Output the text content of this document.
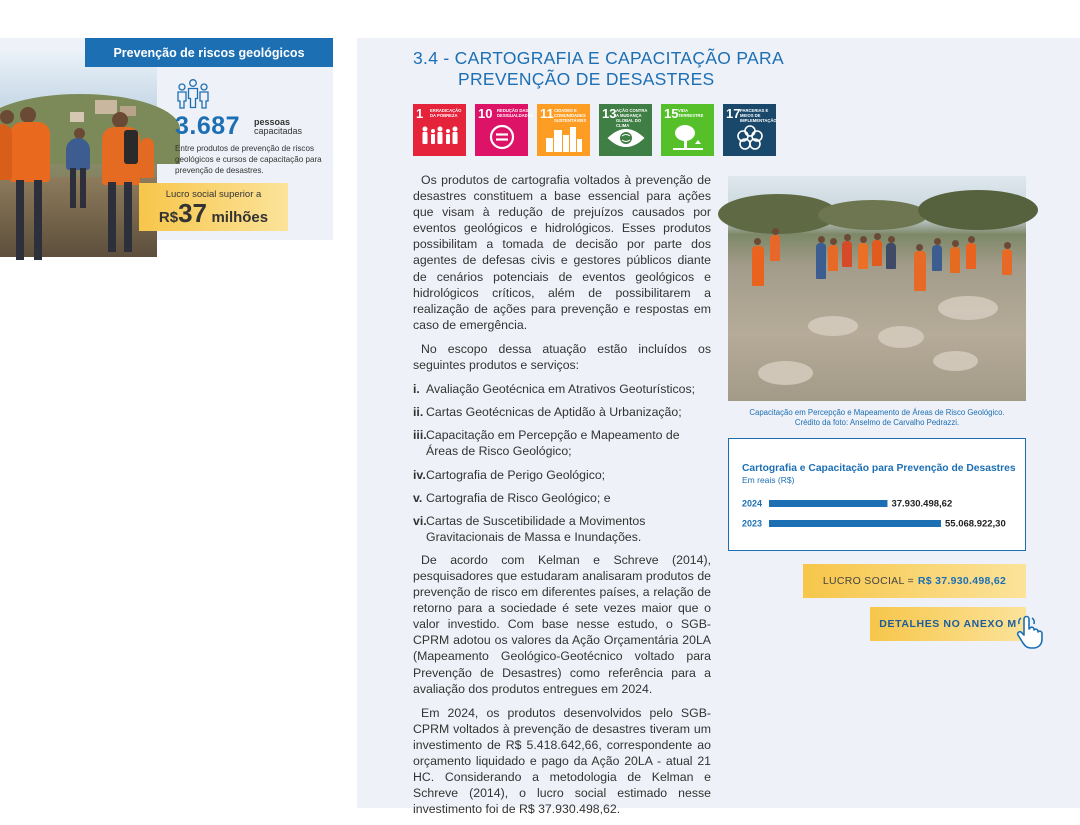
Prevenção de riscos geológicos
3.687 pessoas
capacitadas
Entre produtos de prevenção de riscos geológicos e cursos de capacitação para prevenção de desastres.
Lucro social superior a
R$37 milhões
3.4 - CARTOGRAFIA E CAPACITAÇÃO PARA
PREVENÇÃO DE DESASTRES
1 ERRADICAÇÃO DA POBREZA	10 REDUÇÃO DAS DESIGUALDADES 11 CIDADES E COMUNIDADES SUSTENTÁVEIS 13 AÇÃO CONTRA A MUDANÇA GLOBAL DO CLIMA
15 VIDA TERRESTRE	17 PARCERIAS E MEIOS DE IMPLEMENTAÇÃO

Os produtos de cartografia voltados à prevenção de desastres constituem a base essencial para ações que visam à redução de prejuízos causados por eventos geológicos e hidrológicos. Esses produtos possibilitam a tomada de decisão por parte dos agentes de defesas civis e gestores públicos diante de cenários potenciais de eventos geológicos e hidrológicos críticos, além de possibilitarem a realização de ações para prevenção e respostas em caso de emergência.

No escopo dessa atuação estão incluídos os seguintes produtos e serviços:

i. Avaliação Geotécnica em Atrativos Geoturísticos;
ii. Cartas Geotécnicas de Aptidão à Urbanização;
iii. Capacitação em Percepção e Mapeamento de Áreas de Risco Geológico;
iv. Cartografia de Perigo Geológico;
v. Cartografia de Risco Geológico; e
vi. Cartas de Suscetibilidade a Movimentos Gravitacionais de Massa e Inundações.

De acordo com Kelman e Schreve (2014), pesquisadores que estudaram analisaram produtos de prevenção de risco em diferentes países, a relação de retorno para a sociedade é sete vezes maior que o valor investido. Com base nesse estudo, o SGB-CPRM adotou os valores da Ação Orçamentária 20LA (Mapeamento Geológico-Geotécnico voltado para Prevenção de Desastres) como referência para a avaliação dos produtos entregues em 2024.

Em 2024, os produtos desenvolvidos pelo SGB-CPRM voltados à prevenção de desastres tiveram um investimento de R$ 5.418.642,66, correspondente ao orçamento liquidado e pago da Ação 20LA - atual 21 HC. Considerando a metodologia de Kelman e Schreve (2014), o lucro social estimado nesse investimento foi de R$ 37.930.498,62.

Capacitação em Percepção e Mapeamento de Áreas de Risco Geológico.
Crédito da foto: Anselmo de Carvalho Pedrazzi.
Cartografia e Capacitação para Prevenção de Desastres
Em reais (R$)
2024	37.930.498,62
2023	55.068.922,30
LUCRO SOCIAL = R$ 37.930.498,62
DETALHES NO ANEXO M
